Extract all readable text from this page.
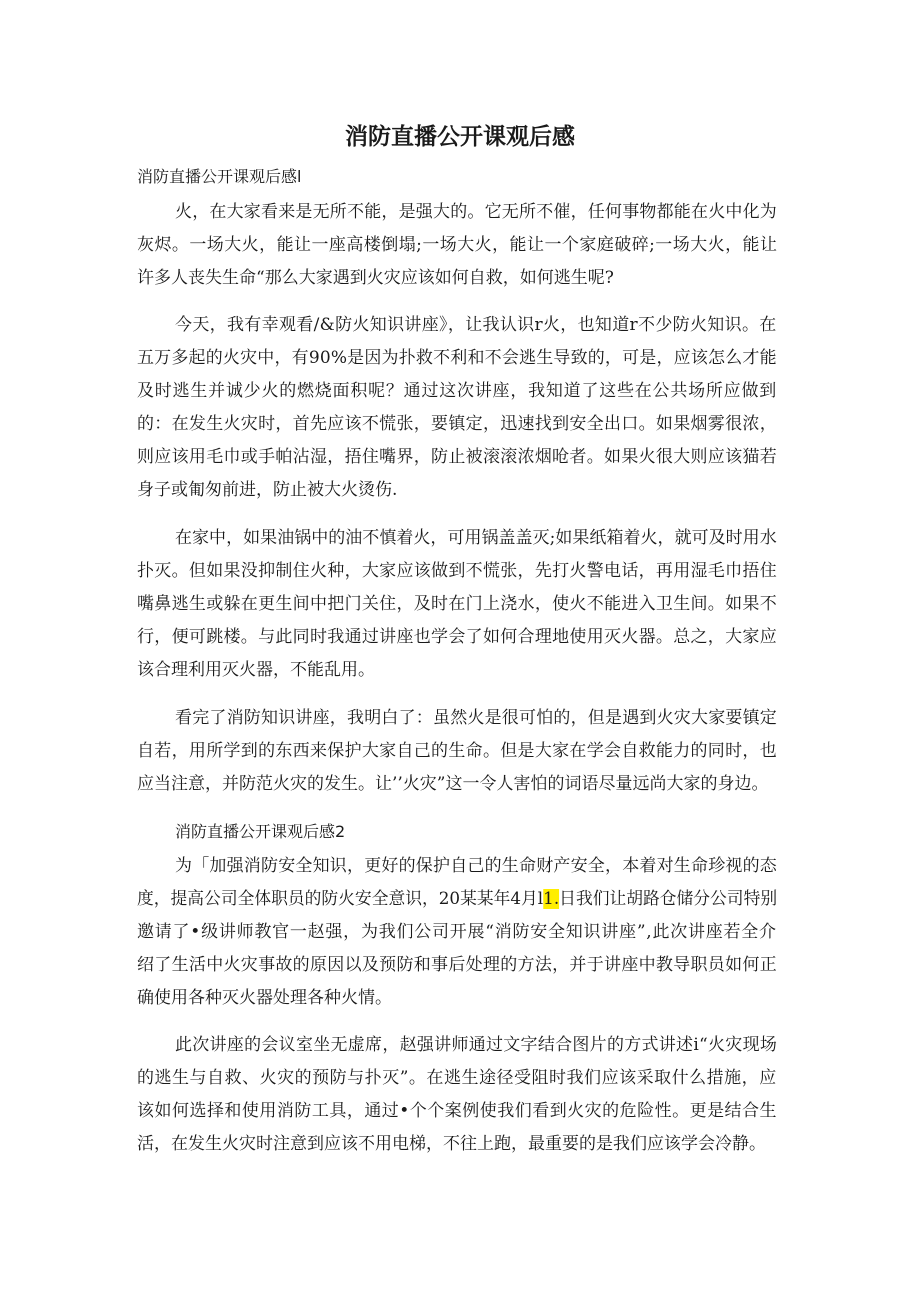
消防直播公开课观后感
消防直播公开课观后感l
火，在大家看来是无所不能，是强大的。它无所不催，任何事物都能在火中化为
灰烬。一场大火，能让一座高楼倒塌;一场大火，能让一个家庭破碎;一场大火，能让
许多人丧失生命“那么大家遇到火灾应该如何自救，如何逃生呢?
今天，我有幸观看/&防火知识讲座》，让我认识r火，也知道r不少防火知识。在
五万多起的火灾中，有90%是因为扑救不利和不会逃生导致的，可是，应该怎么才能
及时逃生并诚少火的燃烧面积呢？通过这次讲座，我知道了这些在公共场所应做到
的：在发生火灾时，首先应该不慌张，要镇定，迅速找到安全出口。如果烟雾很浓，
则应该用毛巾或手帕沾湿，捂住嘴界，防止被滚滚浓烟呛者。如果火很大则应该猫若
身子或匍匆前进，防止被大火烫伤.
在家中，如果油锅中的油不慎着火，可用锅盖盖灭;如果纸箱着火，就可及时用水
扑灭。但如果没抑制住火种，大家应该做到不慌张，先打火警电话，再用湿毛巾捂住
嘴鼻逃生或躲在更生间中把门关住，及时在门上浇水，使火不能进入卫生间。如果不
行，便可跳楼。与此同时我通过讲座也学会了如何合理地使用灭火器。总之，大家应
该合理利用灭火器，不能乱用。
看完了消防知识讲座，我明白了：虽然火是很可怕的，但是遇到火灾大家要镇定
自若，用所学到的东西来保护大家自己的生命。但是大家在学会自救能力的同时，也
应当注意，并防范火灾的发生。让’’火灾”这一令人害怕的词语尽量远尚大家的身边。
消防直播公开课观后感2
为「加强消防安全知识，更好的保护自己的生命财产安全，本着对生命珍视的态
度，提高公司全体职员的防火安全意识，20某某年4月l1.日我们让胡路仓储分公司特别
邀请了•级讲师教官一赵强，为我们公司开展“消防安全知识讲座”,此次讲座若全介
绍了生活中火灾事故的原因以及预防和事后处理的方法，并于讲座中教导职员如何正
确使用各种灭火器处理各种火情。
此次讲座的会议室坐无虚席，赵强讲师通过文字结合图片的方式讲述i“火灾现场
的逃生与自救、火灾的预防与扑灭”。在逃生途径受阻时我们应该采取什么措施，应
该如何选择和使用消防工具，通过•个个案例使我们看到火灾的危险性。更是结合生
活，在发生火灾时注意到应该不用电梯，不往上跑，最重要的是我们应该学会冷静。
